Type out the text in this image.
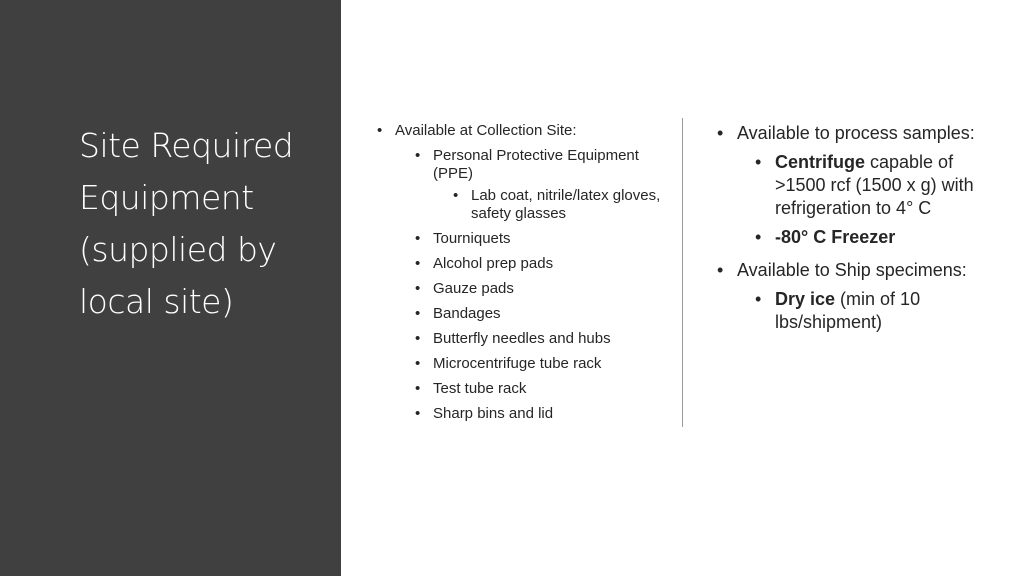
Site Required
Equipment
(supplied by
local site)
• Available at Collection Site:
• Personal Protective Equipment (PPE)
• Lab coat, nitrile/latex gloves, safety glasses
• Tourniquets
• Alcohol prep pads
• Gauze pads
• Bandages
• Butterfly needles and hubs
• Microcentrifuge tube rack
• Test tube rack
• Sharp bins and lid
• Available to process samples:
• Centrifuge capable of >1500 rcf (1500 x g) with refrigeration to 4° C
• -80° C Freezer
• Available to Ship specimens:
• Dry ice (min of 10 lbs/shipment)
